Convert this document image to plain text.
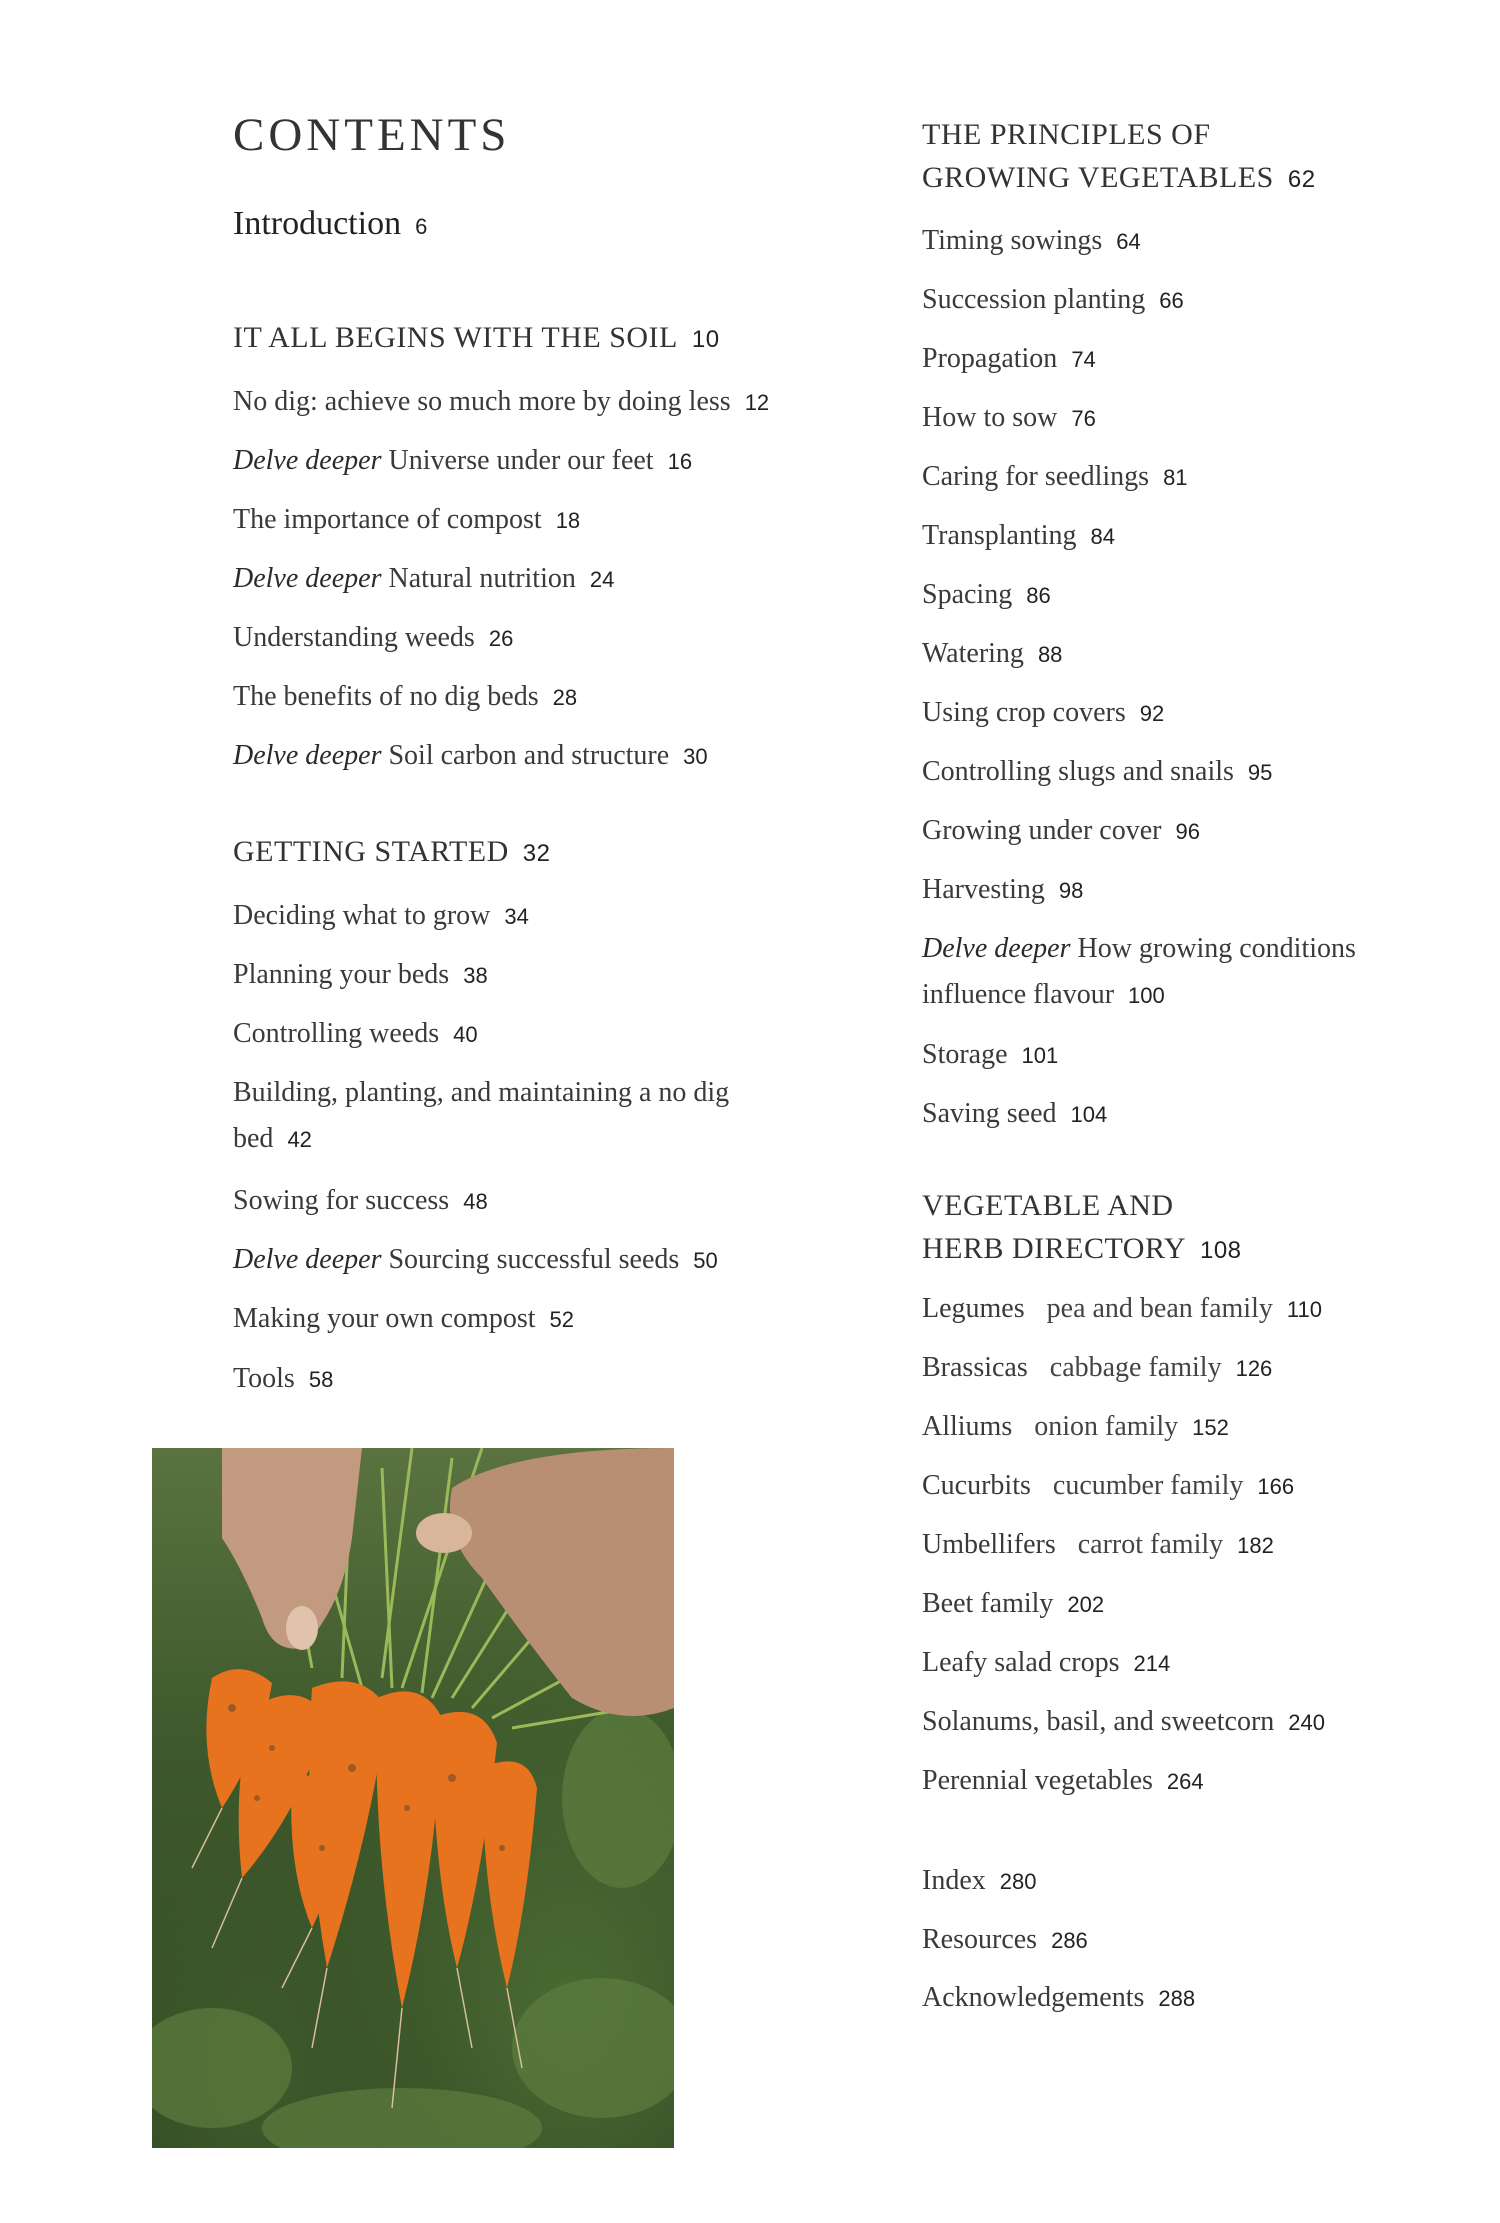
CONTENTS
Introduction 6
IT ALL BEGINS WITH THE SOIL 10
No dig: achieve so much more by doing less 12
Delve deeper Universe under our feet 16
The importance of compost 18
Delve deeper Natural nutrition 24
Understanding weeds 26
The benefits of no dig beds 28
Delve deeper Soil carbon and structure 30
GETTING STARTED 32
Deciding what to grow 34
Planning your beds 38
Controlling weeds 40
Building, planting, and maintaining a no dig bed 42
Sowing for success 48
Delve deeper Sourcing successful seeds 50
Making your own compost 52
Tools 58
THE PRINCIPLES OF
GROWING VEGETABLES 62
Timing sowings 64
Succession planting 66
Propagation 74
How to sow 76
Caring for seedlings 81
Transplanting 84
Spacing 86
Watering 88
Using crop covers 92
Controlling slugs and snails 95
Growing under cover 96
Harvesting 98
Delve deeper How growing conditions influence flavour 100
Storage 101
Saving seed 104
VEGETABLE AND
HERB DIRECTORY 108
Legumes pea and bean family 110
Brassicas cabbage family 126
Alliums onion family 152
Cucurbits cucumber family 166
Umbellifers carrot family 182
Beet family 202
Leafy salad crops 214
Solanums, basil, and sweetcorn 240
Perennial vegetables 264
Index 280
Resources 286
Acknowledgements 288
